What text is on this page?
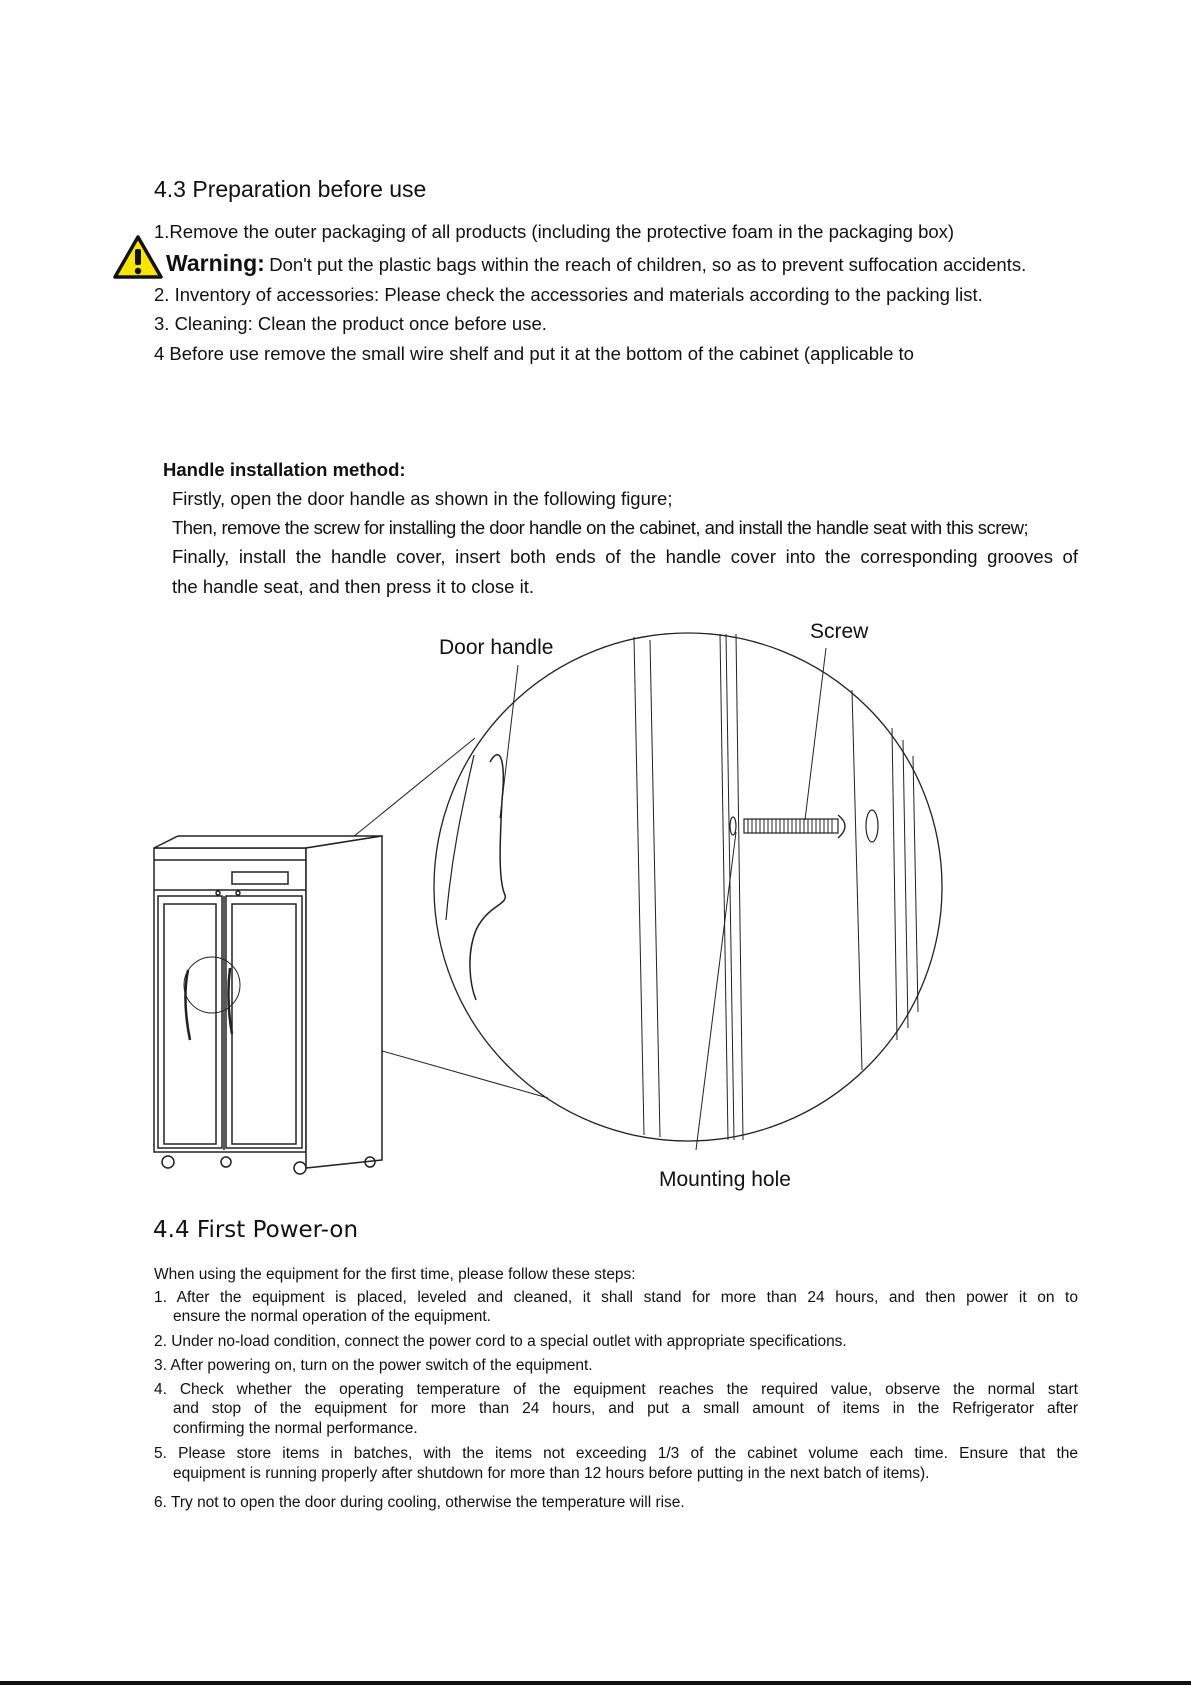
4.3 Preparation before use
1.Remove the outer packaging of all products (including the protective foam in the packaging box)
Warning: Don't put the plastic bags within the reach of children, so as to prevent suffocation accidents.
2. Inventory of accessories: Please check the accessories and materials according to the packing list.
3. Cleaning: Clean the product once before use.
4 Before use remove the small wire shelf and put it at the bottom of the cabinet (applicable to
Handle installation method:
Firstly, open the door handle as shown in the following figure;
Then, remove the screw for installing the door handle on the cabinet, and install the handle seat with this screw;
Finally, install the handle cover, insert both ends of the handle cover into the corresponding grooves of
the handle seat, and then press it to close it.
Door handle
Screw
Mounting hole
4.4 First Power-on
When using the equipment for the first time, please follow these steps:
1. After the equipment is placed, leveled and cleaned, it shall stand for more than 24 hours, and then power it on to
ensure the normal operation of the equipment.
2. Under no-load condition, connect the power cord to a special outlet with appropriate specifications.
3. After powering on, turn on the power switch of the equipment.
4. Check whether the operating temperature of the equipment reaches the required value, observe the normal start
and stop of the equipment for more than 24 hours, and put a small amount of items in the Refrigerator after
confirming the normal performance.
5. Please store items in batches, with the items not exceeding 1/3 of the cabinet volume each time. Ensure that the
equipment is running properly after shutdown for more than 12 hours before putting in the next batch of items).
6. Try not to open the door during cooling, otherwise the temperature will rise.
